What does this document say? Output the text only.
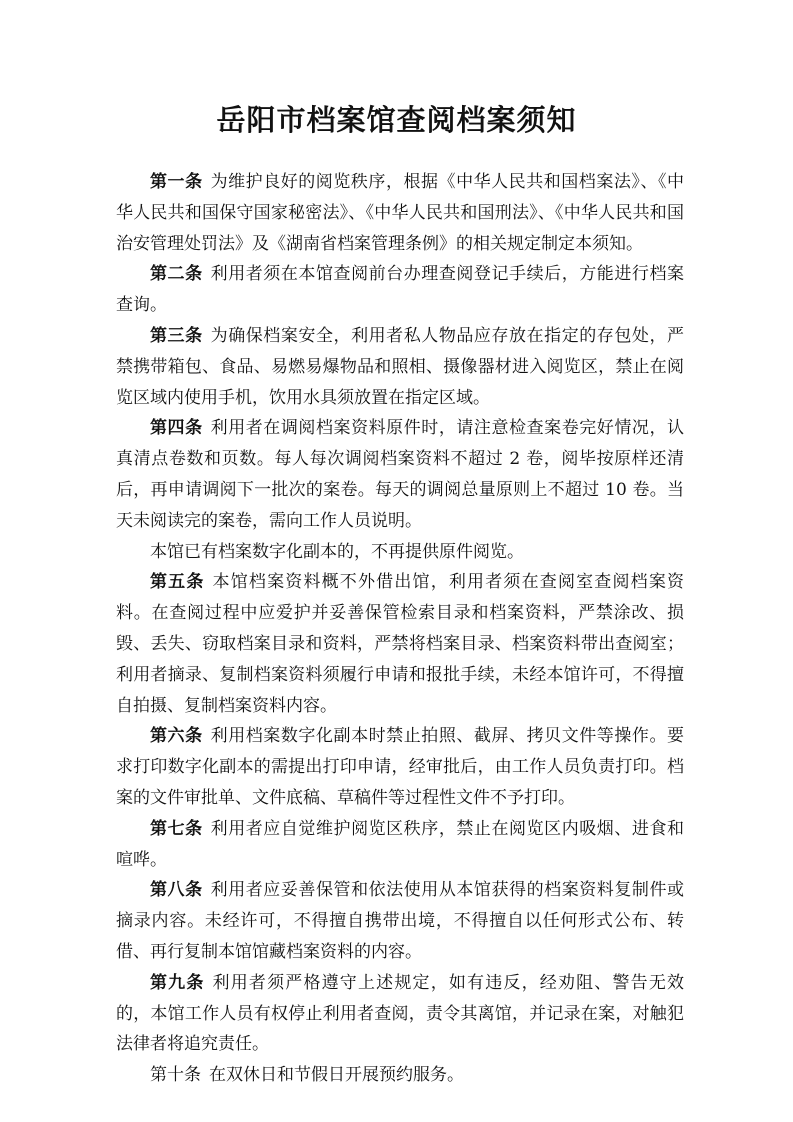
岳阳市档案馆查阅档案须知

第一条 为维护良好的阅览秩序，根据《中华人民共和国档案法》、《中华人民共和国保守国家秘密法》、《中华人民共和国刑法》、《中华人民共和国治安管理处罚法》及《湖南省档案管理条例》的相关规定制定本须知。

第二条 利用者须在本馆查阅前台办理查阅登记手续后，方能进行档案查询。

第三条 为确保档案安全，利用者私人物品应存放在指定的存包处，严禁携带箱包、食品、易燃易爆物品和照相、摄像器材进入阅览区，禁止在阅览区域内使用手机，饮用水具须放置在指定区域。

第四条 利用者在调阅档案资料原件时，请注意检查案卷完好情况，认真清点卷数和页数。每人每次调阅档案资料不超过 2 卷，阅毕按原样还清后，再申请调阅下一批次的案卷。每天的调阅总量原则上不超过 10 卷。当天未阅读完的案卷，需向工作人员说明。

本馆已有档案数字化副本的，不再提供原件阅览。

第五条 本馆档案资料概不外借出馆，利用者须在查阅室查阅档案资料。在查阅过程中应爱护并妥善保管检索目录和档案资料，严禁涂改、损毁、丢失、窃取档案目录和资料，严禁将档案目录、档案资料带出查阅室；利用者摘录、复制档案资料须履行申请和报批手续，未经本馆许可，不得擅自拍摄、复制档案资料内容。

第六条 利用档案数字化副本时禁止拍照、截屏、拷贝文件等操作。要求打印数字化副本的需提出打印申请，经审批后，由工作人员负责打印。档案的文件审批单、文件底稿、草稿件等过程性文件不予打印。

第七条 利用者应自觉维护阅览区秩序，禁止在阅览区内吸烟、进食和喧哗。

第八条 利用者应妥善保管和依法使用从本馆获得的档案资料复制件或摘录内容。未经许可，不得擅自携带出境，不得擅自以任何形式公布、转借、再行复制本馆馆藏档案资料的内容。

第九条 利用者须严格遵守上述规定，如有违反，经劝阻、警告无效的，本馆工作人员有权停止利用者查阅，责令其离馆，并记录在案，对触犯法律者将追究责任。

第十条 在双休日和节假日开展预约服务。
